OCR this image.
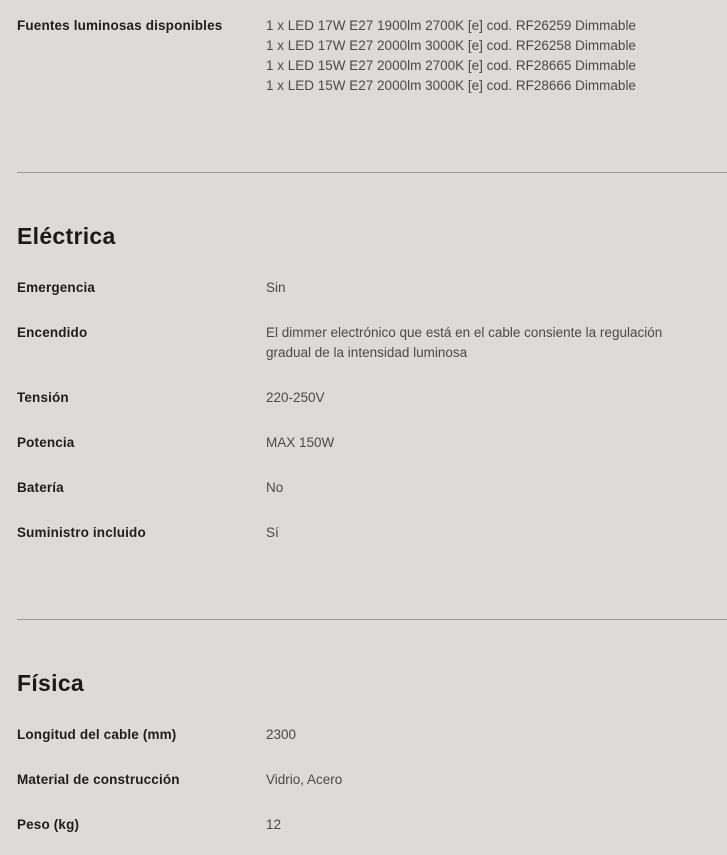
Fuentes luminosas disponibles	1 x LED 17W E27 1900lm 2700K [e] cod. RF26259 Dimmable
1 x LED 17W E27 2000lm 3000K [e] cod. RF26258 Dimmable
1 x LED 15W E27 2000lm 2700K [e] cod. RF28665 Dimmable
1 x LED 15W E27 2000lm 3000K [e] cod. RF28666 Dimmable
Eléctrica
Emergencia	Sin
Encendido	El dimmer electrónico que está en el cable consiente la regulación
gradual de la intensidad luminosa
Tensión	220-250V
Potencia	MAX 150W
Batería	No
Suministro incluido	Sí
Física
Longitud del cable (mm)	2300
Material de construcción	Vidrio, Acero
Peso (kg)	12
